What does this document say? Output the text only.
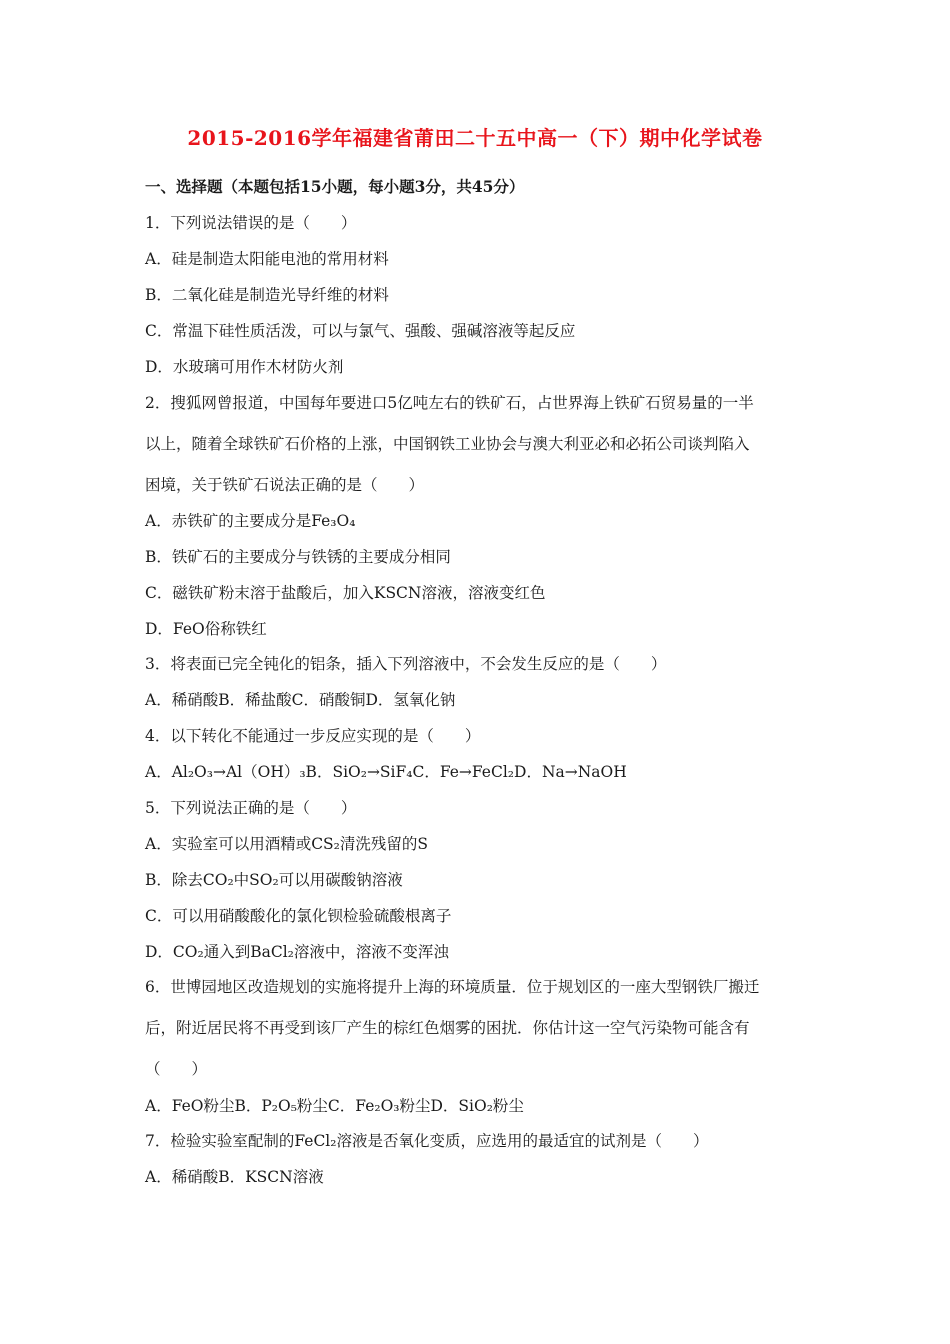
2015-2016学年福建省莆田二十五中高一（下）期中化学试卷
一、选择题（本题包括15小题，每小题3分，共45分）
1．下列说法错误的是（　　）
A．硅是制造太阳能电池的常用材料
B．二氧化硅是制造光导纤维的材料
C．常温下硅性质活泼，可以与氯气、强酸、强碱溶液等起反应
D．水玻璃可用作木材防火剂
2．搜狐网曾报道，中国每年要进口5亿吨左右的铁矿石，占世界海上铁矿石贸易量的一半
以上，随着全球铁矿石价格的上涨，中国钢铁工业协会与澳大利亚必和必拓公司谈判陷入
困境，关于铁矿石说法正确的是（　　）
A．赤铁矿的主要成分是Fe₃O₄
B．铁矿石的主要成分与铁锈的主要成分相同
C．磁铁矿粉末溶于盐酸后，加入KSCN溶液，溶液变红色
D．FeO俗称铁红
3．将表面已完全钝化的铝条，插入下列溶液中，不会发生反应的是（　　）
A．稀硝酸B．稀盐酸C．硝酸铜D．氢氧化钠
4．以下转化不能通过一步反应实现的是（　　）
A．Al₂O₃→Al（OH）₃B．SiO₂→SiF₄C．Fe→FeCl₂D．Na→NaOH
5．下列说法正确的是（　　）
A．实验室可以用酒精或CS₂清洗残留的S
B．除去CO₂中SO₂可以用碳酸钠溶液
C．可以用硝酸酸化的氯化钡检验硫酸根离子
D．CO₂通入到BaCl₂溶液中，溶液不变浑浊
6．世博园地区改造规划的实施将提升上海的环境质量．位于规划区的一座大型钢铁厂搬迁
后，附近居民将不再受到该厂产生的棕红色烟雾的困扰．你估计这一空气污染物可能含有
（　　）
A．FeO粉尘B．P₂O₅粉尘C．Fe₂O₃粉尘D．SiO₂粉尘
7．检验实验室配制的FeCl₂溶液是否氧化变质，应选用的最适宜的试剂是（　　）
A．稀硝酸B．KSCN溶液
